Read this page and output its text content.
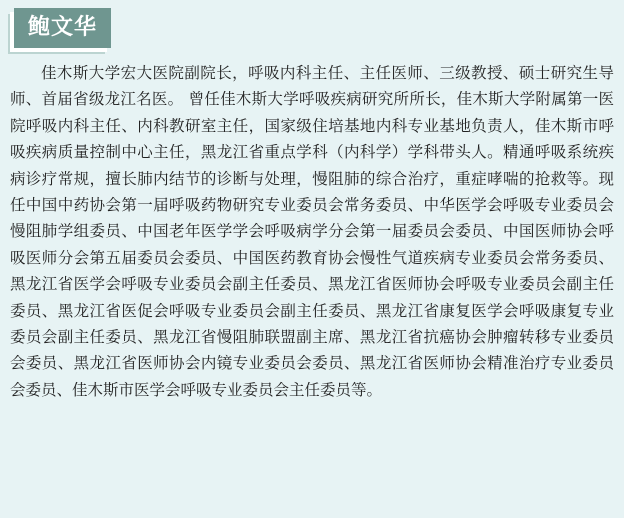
鲍文华

佳木斯大学宏大医院副院长，呼吸内科主任、主任医师、三级教授、硕士研究生导师、首届省级龙江名医。 曾任佳木斯大学呼吸疾病研究所所长，佳木斯大学附属第一医院呼吸内科主任、内科教研室主任，国家级住培基地内科专业基地负责人，佳木斯市呼吸疾病质量控制中心主任，黑龙江省重点学科（内科学）学科带头人。精通呼吸系统疾病诊疗常规，擅长肺内结节的诊断与处理，慢阻肺的综合治疗，重症哮喘的抢救等。现任中国中药协会第一届呼吸药物研究专业委员会常务委员、中华医学会呼吸专业委员会慢阻肺学组委员、中国老年医学学会呼吸病学分会第一届委员会委员、中国医师协会呼吸医师分会第五届委员会委员、中国医药教育协会慢性气道疾病专业委员会常务委员、黑龙江省医学会呼吸专业委员会副主任委员、黑龙江省医师协会呼吸专业委员会副主任委员、黑龙江省医促会呼吸专业委员会副主任委员、黑龙江省康复医学会呼吸康复专业委员会副主任委员、黑龙江省慢阻肺联盟副主席、黑龙江省抗癌协会肿瘤转移专业委员会委员、黑龙江省医师协会内镜专业委员会委员、黑龙江省医师协会精准治疗专业委员会委员、佳木斯市医学会呼吸专业委员会主任委员等。
